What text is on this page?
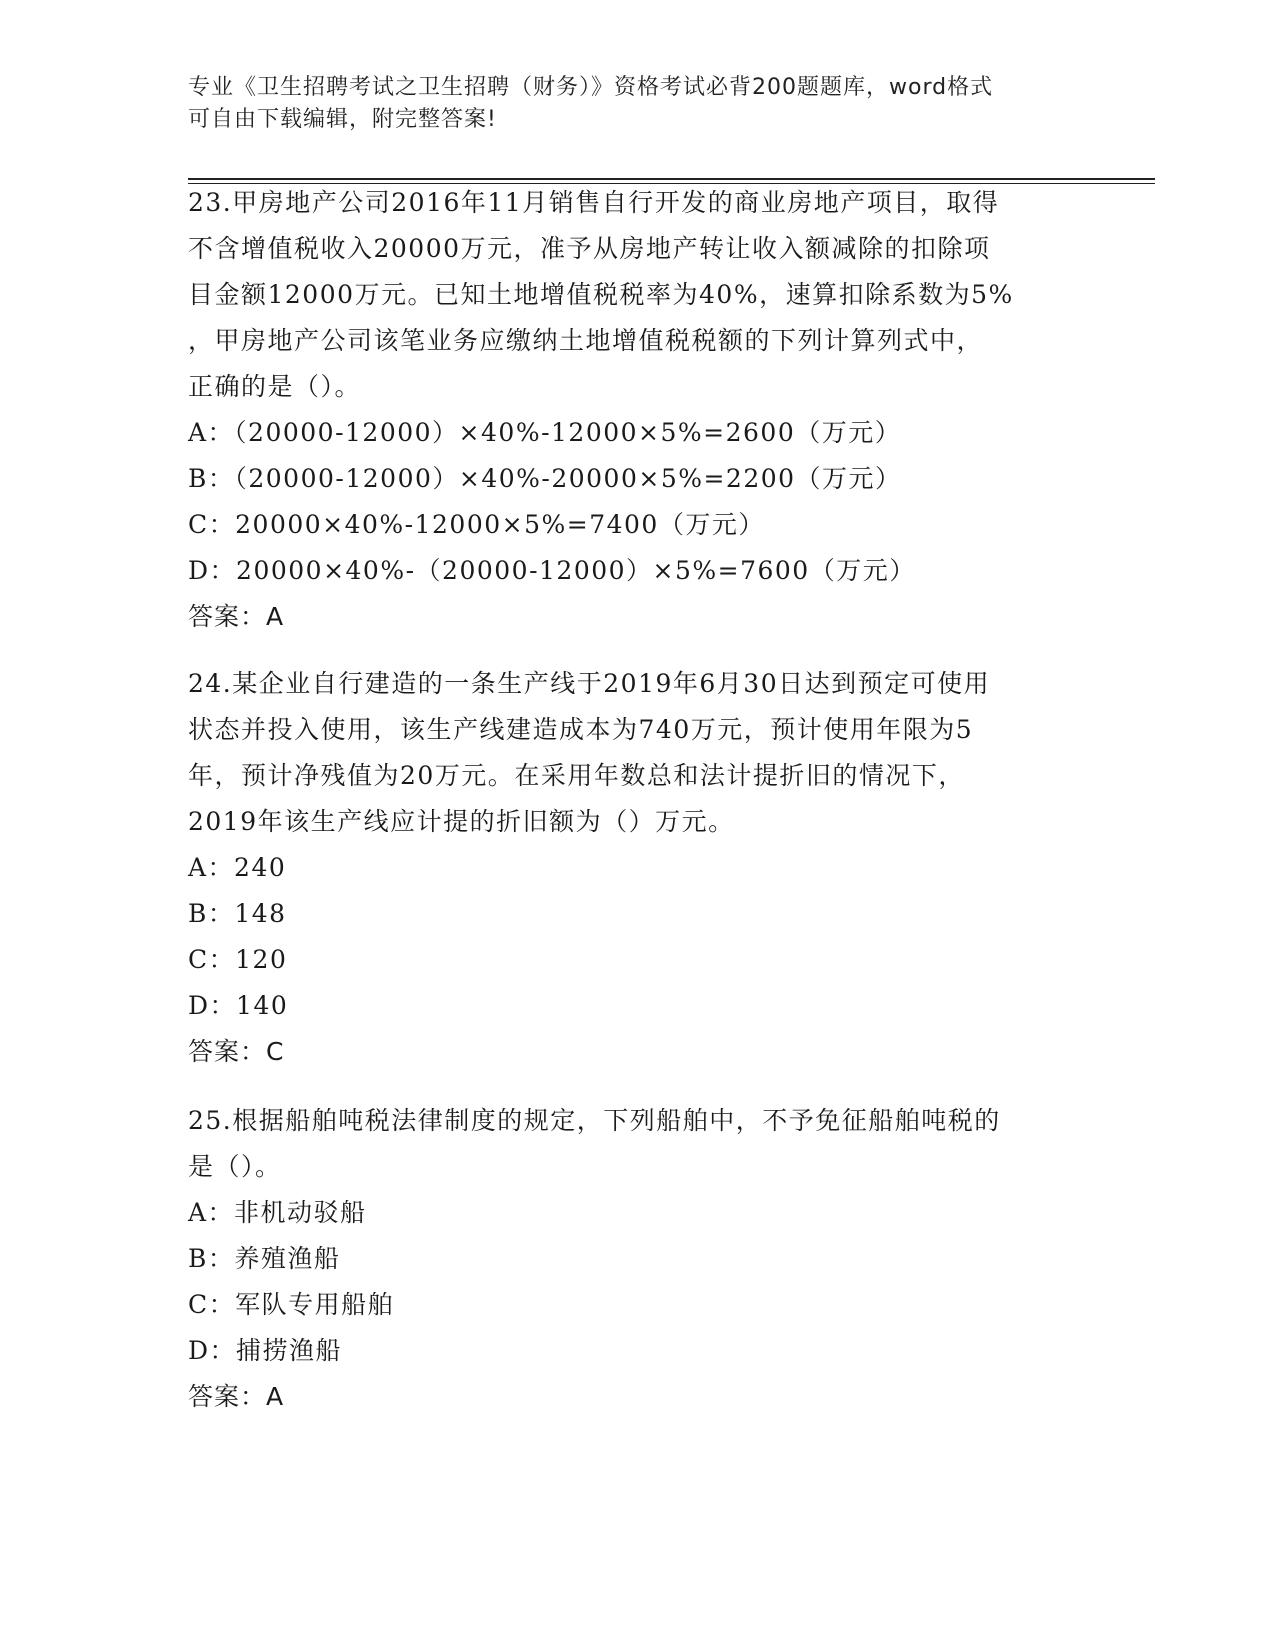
专业《卫生招聘考试之卫生招聘（财务）》资格考试必背200题题库，word格式
可自由下载编辑，附完整答案!
23.甲房地产公司2016年11月销售自行开发的商业房地产项目，取得
不含增值税收入20000万元，准予从房地产转让收入额减除的扣除项
目金额12000万元。已知土地增值税税率为40%，速算扣除系数为5%
，甲房地产公司该笔业务应缴纳土地增值税税额的下列计算列式中，
正确的是（）。
A：（20000-12000）×40%-12000×5%=2600（万元）
B：（20000-12000）×40%-20000×5%=2200（万元）
C：20000×40%-12000×5%=7400（万元）
D：20000×40%-（20000-12000）×5%=7600（万元）
答案：A
24.某企业自行建造的一条生产线于2019年6月30日达到预定可使用
状态并投入使用，该生产线建造成本为740万元，预计使用年限为5
年，预计净残值为20万元。在采用年数总和法计提折旧的情况下，
2019年该生产线应计提的折旧额为（）万元。
A：240
B：148
C：120
D：140
答案：C
25.根据船舶吨税法律制度的规定，下列船舶中，不予免征船舶吨税的
是（）。
A：非机动驳船
B：养殖渔船
C：军队专用船舶
D：捕捞渔船
答案：A
